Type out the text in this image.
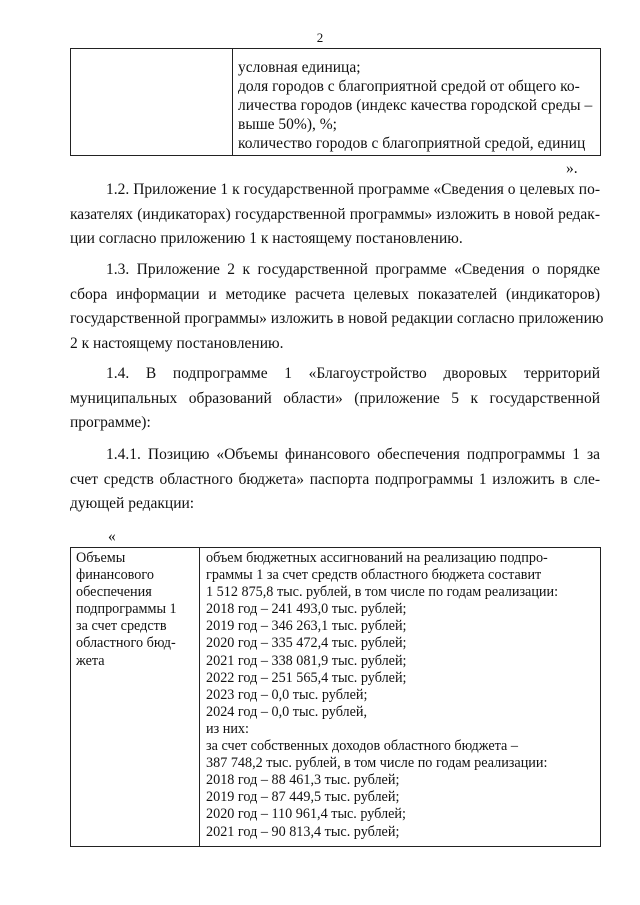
2
условная единица;
доля городов с благоприятной средой от общего ко-
личества городов (индекс качества городской среды –
выше 50%), %;
количество городов с благоприятной средой, единиц
».
1.2. Приложение 1 к государственной программе «Сведения о целевых по-
казателях (индикаторах) государственной программы» изложить в новой редак-
ции согласно приложению 1 к настоящему постановлению.
1.3. Приложение 2 к государственной программе «Сведения о порядке
сбора информации и методике расчета целевых показателей (индикаторов)
государственной программы» изложить в новой редакции согласно приложению
2 к настоящему постановлению.
1.4. В подпрограмме 1 «Благоустройство дворовых территорий
муниципальных образований области» (приложение 5 к государственной
программе):
1.4.1. Позицию «Объемы финансового обеспечения подпрограммы 1 за
счет средств областного бюджета» паспорта подпрограммы 1 изложить в сле-
дующей редакции:
«
Объемы
финансового
обеспечения
подпрограммы 1
за счет средств
областного бюд-
жета
объем бюджетных ассигнований на реализацию подпро-
граммы 1 за счет средств областного бюджета составит
1 512 875,8 тыс. рублей, в том числе по годам реализации:
2018 год – 241 493,0 тыс. рублей;
2019 год – 346 263,1 тыс. рублей;
2020 год – 335 472,4 тыс. рублей;
2021 год – 338 081,9 тыс. рублей;
2022 год – 251 565,4 тыс. рублей;
2023 год – 0,0 тыс. рублей;
2024 год – 0,0 тыс. рублей,
из них:
за счет собственных доходов областного бюджета –
387 748,2 тыс. рублей, в том числе по годам реализации:
2018 год – 88 461,3 тыс. рублей;
2019 год – 87 449,5 тыс. рублей;
2020 год – 110 961,4 тыс. рублей;
2021 год – 90 813,4 тыс. рублей;
